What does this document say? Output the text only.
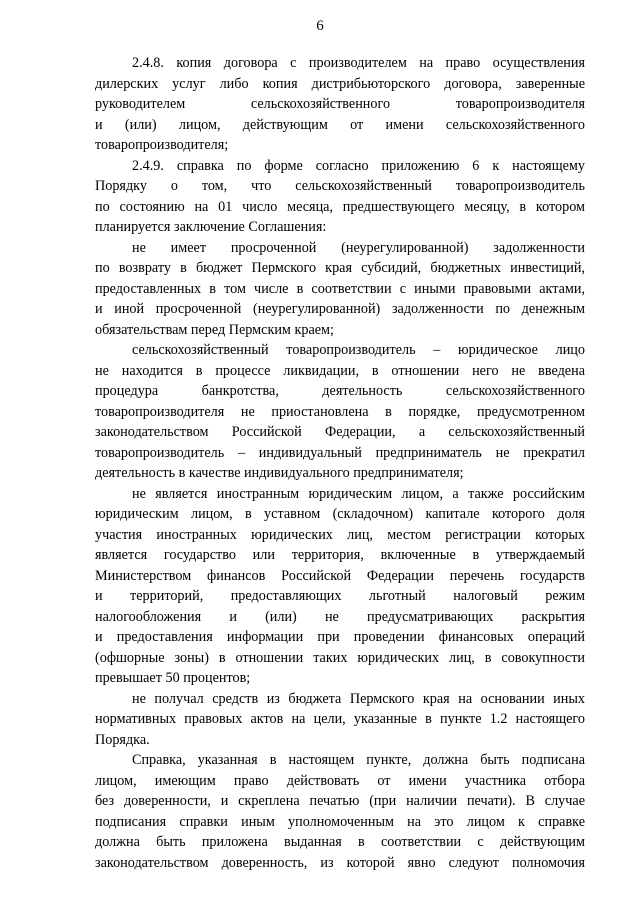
6
2.4.8. копия договора с производителем на право осуществления
дилерских услуг либо копия дистрибьюторского договора, заверенные
руководителем сельскохозяйственного товаропроизводителя
и (или) лицом, действующим от имени сельскохозяйственного
товаропроизводителя;
2.4.9. справка по форме согласно приложению 6 к настоящему
Порядку о том, что сельскохозяйственный товаропроизводитель
по состоянию на 01 число месяца, предшествующего месяцу, в котором
планируется заключение Соглашения:
не имеет просроченной (неурегулированной) задолженности
по возврату в бюджет Пермского края субсидий, бюджетных инвестиций,
предоставленных в том числе в соответствии с иными правовыми актами,
и иной просроченной (неурегулированной) задолженности по денежным
обязательствам перед Пермским краем;
сельскохозяйственный товаропроизводитель – юридическое лицо
не находится в процессе ликвидации, в отношении него не введена
процедура банкротства, деятельность сельскохозяйственного
товаропроизводителя не приостановлена в порядке, предусмотренном
законодательством Российской Федерации, а сельскохозяйственный
товаропроизводитель – индивидуальный предприниматель не прекратил
деятельность в качестве индивидуального предпринимателя;
не является иностранным юридическим лицом, а также российским
юридическим лицом, в уставном (складочном) капитале которого доля
участия иностранных юридических лиц, местом регистрации которых
является государство или территория, включенные в утверждаемый
Министерством финансов Российской Федерации перечень государств
и территорий, предоставляющих льготный налоговый режим
налогообложения и (или) не предусматривающих раскрытия
и предоставления информации при проведении финансовых операций
(офшорные зоны) в отношении таких юридических лиц, в совокупности
превышает 50 процентов;
не получал средств из бюджета Пермского края на основании иных
нормативных правовых актов на цели, указанные в пункте 1.2 настоящего
Порядка.
Справка, указанная в настоящем пункте, должна быть подписана
лицом, имеющим право действовать от имени участника отбора
без доверенности, и скреплена печатью (при наличии печати). В случае
подписания справки иным уполномоченным на это лицом к справке
должна быть приложена выданная в соответствии с действующим
законодательством доверенность, из которой явно следуют полномочия
